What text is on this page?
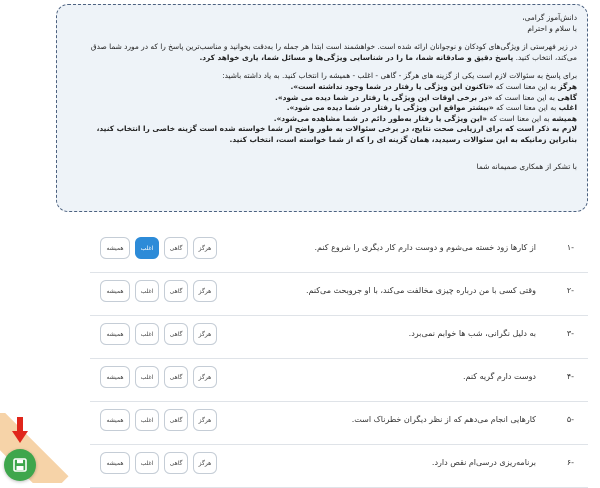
دانش‌آموز گرامی،

با سلام و احترام

در زیر فهرستی از ویژگی‌های کودکان و نوجوانان ارائه شده است. خواهشمند است ابتدا هر جمله را به‌دقت بخوانید و مناسب‌ترین پاسخ را که در مورد شما صدق می‌کند، انتخاب کنید. پاسخ دقیق و صادقانه شما، ما را در شناسایی ویژگی‌ها و مسائل شما، یاری خواهد کرد.

برای پاسخ به سئوالات لازم است یکی از گزینه های هرگز - گاهی - اغلب - همیشه را انتخاب کنید. به یاد داشته باشید:

هرگز به این معنا است که «تاکنون این ویژگی یا رفتار در شما وجود نداشته است».

گاهی به این معنا است که «در برخی اوقات این ویژگی یا رفتار در شما دیده می شود».

اغلب به این معنا است که «بیشتر مواقع این ویژگی یا رفتار در شما دیده می شود».

همیشه به این معنا است که «این ویژگی یا رفتار به‌طور دائم در شما مشاهده می‌شود».

لازم به ذکر است که برای ارزیابی صحت نتایج، در برخی سئوالات به طور واضح از شما خواسته شده است گزینه خاصی را انتخاب کنید، بنابراین زمانیکه به این سئوالات رسیدید، همان گزینه ای را که از شما خواسته است، انتخاب کنید.

با تشکر از همکاری صمیمانه شما

-۱
از کارها زود خسته می‌شوم و دوست دارم کار دیگری را شروع کنم.
همیشه	اغلب	گاهی	هرگز
-۲
وقتی کسی با من درباره چیزی مخالفت می‌کند، با او جروبحث می‌کنم.
همیشه	اغلب	گاهی	هرگز
-۳
به دلیل نگرانی، شب ها خوابم نمی‌برد.
همیشه	اغلب	گاهی	هرگز
-۴
دوست دارم گریه کنم.
همیشه	اغلب	گاهی	هرگز
-۵
کارهایی انجام می‌دهم که از نظر دیگران خطرناک است.
همیشه	اغلب	گاهی	هرگز
-۶
برنامه‌ریزی درسی‌ام نقص دارد.
همیشه	اغلب	گاهی	هرگز
